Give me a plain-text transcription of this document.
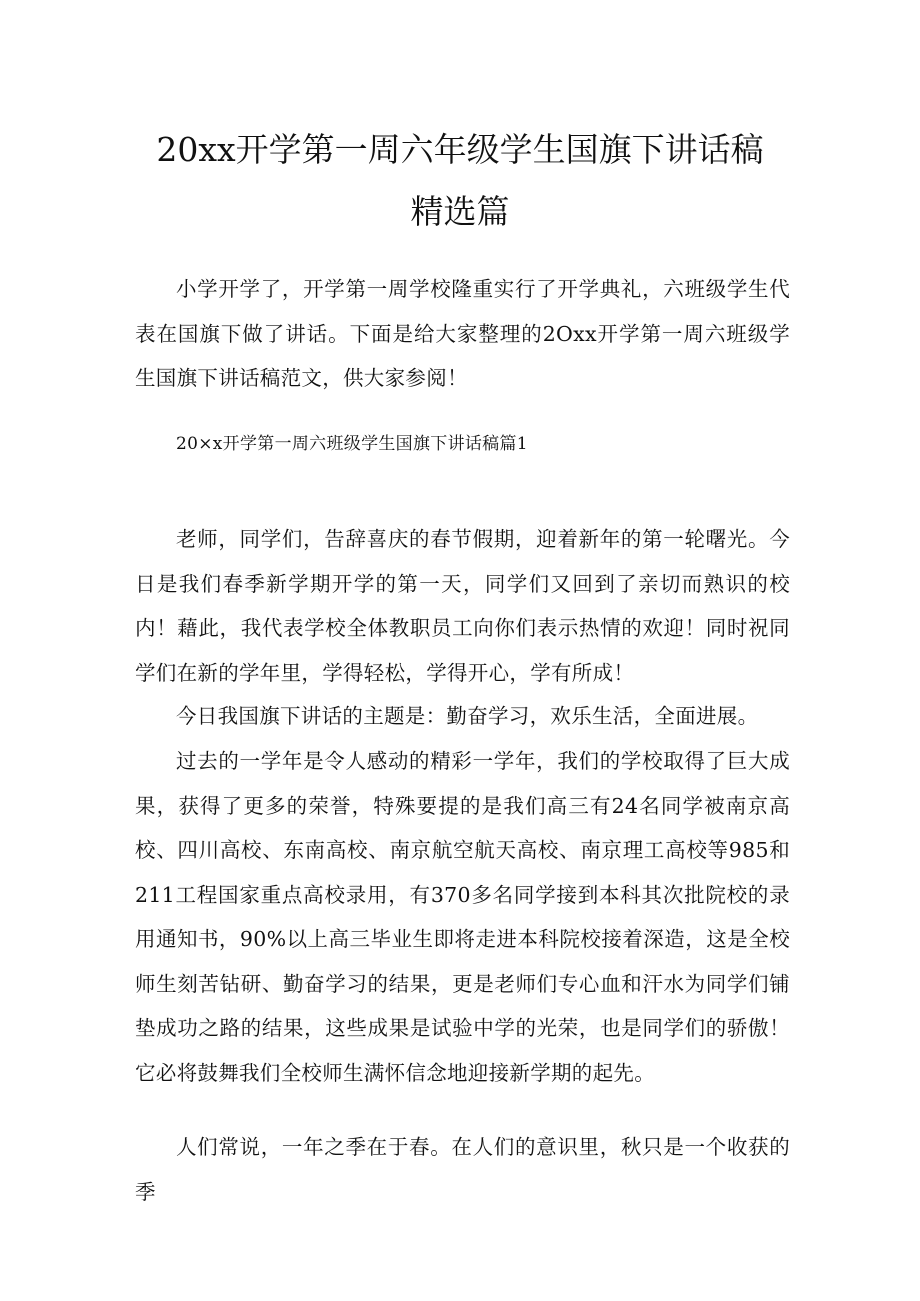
20xx开学第一周六年级学生国旗下讲话稿
精选篇

小学开学了，开学第一周学校隆重实行了开学典礼，六班级学生代表在国旗下做了讲话。下面是给大家整理的2Oxx开学第一周六班级学生国旗下讲话稿范文，供大家参阅！

20×x开学第一周六班级学生国旗下讲话稿篇1

老师，同学们，告辞喜庆的春节假期，迎着新年的第一轮曙光。今日是我们春季新学期开学的第一天，同学们又回到了亲切而熟识的校内！藉此，我代表学校全体教职员工向你们表示热情的欢迎！同时祝同学们在新的学年里，学得轻松，学得开心，学有所成！

今日我国旗下讲话的主题是：勤奋学习，欢乐生活，全面进展。

过去的一学年是令人感动的精彩一学年，我们的学校取得了巨大成果，获得了更多的荣誉，特殊要提的是我们高三有24名同学被南京高校、四川高校、东南高校、南京航空航天高校、南京理工高校等985和211工程国家重点高校录用，有370多名同学接到本科其次批院校的录用通知书，90%以上高三毕业生即将走进本科院校接着深造，这是全校师生刻苦钻研、勤奋学习的结果，更是老师们专心血和汗水为同学们铺垫成功之路的结果，这些成果是试验中学的光荣，也是同学们的骄傲！它必将鼓舞我们全校师生满怀信念地迎接新学期的起先。

人们常说，一年之季在于春。在人们的意识里，秋只是一个收获的季
